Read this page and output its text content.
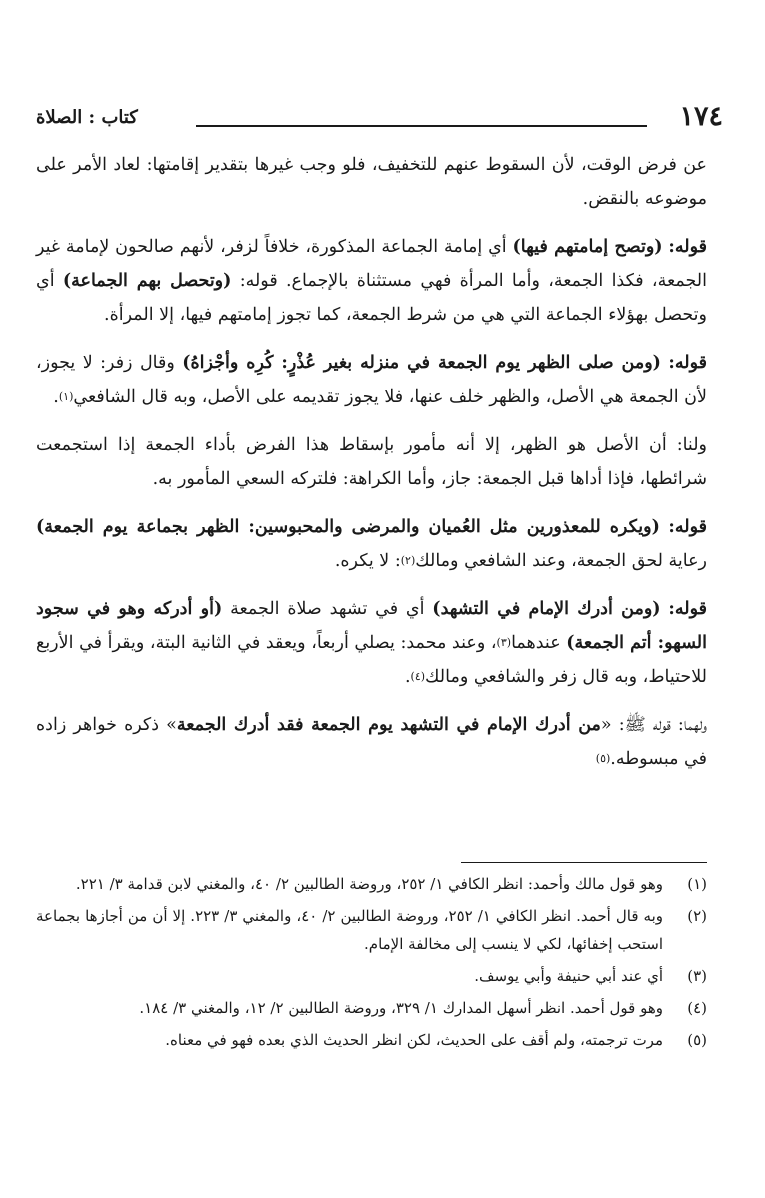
١٧٤
كتاب : الصلاة

عن فرض الوقت، لأن السقوط عنهم للتخفيف، فلو وجب غيرها بتقدير إقامتها: لعاد الأمر على موضوعه بالنقض.

قوله: (وتصح إمامتهم فيها) أي إمامة الجماعة المذكورة، خلافاً لزفر، لأنهم صالحون لإمامة غير الجمعة، فكذا الجمعة، وأما المرأة فهي مستثناة بالإجماع. قوله: (وتحصل بهم الجماعة) أي وتحصل بهؤلاء الجماعة التي هي من شرط الجمعة، كما تجوز إمامتهم فيها، إلا المرأة.

قوله: (ومن صلى الظهر يوم الجمعة في منزله بغير عُذْرٍ: كُرِه وأجْزاهُ) وقال زفر: لا يجوز، لأن الجمعة هي الأصل، والظهر خلف عنها، فلا يجوز تقديمه على الأصل، وبه قال الشافعي$^{(١)}$.

ولنا: أن الأصل هو الظهر، إلا أنه مأمور بإسقاط هذا الفرض بأداء الجمعة إذا استجمعت شرائطها، فإذا أداها قبل الجمعة: جاز، وأما الكراهة: فلتركه السعي المأمور به.

قوله: (ويكره للمعذورين مثل العُميان والمرضى والمحبوسين: الظهر بجماعة يوم الجمعة) رعاية لحق الجمعة، وعند الشافعي ومالك$^{(٢)}$: لا يكره.

قوله: (ومن أدرك الإمام في التشهد) أي في تشهد صلاة الجمعة (أو أدركه وهو في سجود السهو: أتم الجمعة) عندهما$^{(٣)}$، وعند محمد: يصلي أربعاً، ويعقد في الثانية البتة، ويقرأ في الأربع للاحتياط، وبه قال زفر والشافعي ومالك$^{(٤)}$.

ولهما: قوله ﷺ: «من أدرك الإمام في التشهد يوم الجمعة فقد أدرك الجمعة» ذكره خواهر زاده في مبسوطه.$^{(٥)}$

(١)
وهو قول مالك وأحمد: انظر الكافي ١/ ٢٥٢، وروضة الطالبين ٢/ ٤٠، والمغني لابن قدامة ٣/ ٢٢١.
(٢)
وبه قال أحمد. انظر الكافي ١/ ٢٥٢، وروضة الطالبين ٢/ ٤٠، والمغني ٣/ ٢٢٣. إلا أن من أجازها بجماعة استحب إخفائها، لكي لا ينسب إلى مخالفة الإمام.
(٣)
أي عند أبي حنيفة وأبي يوسف.
(٤)
وهو قول أحمد. انظر أسهل المدارك ١/ ٣٢٩، وروضة الطالبين ٢/ ١٢، والمغني ٣/ ١٨٤.
(٥)
مرت ترجمته، ولم أقف على الحديث، لكن انظر الحديث الذي بعده فهو في معناه.
